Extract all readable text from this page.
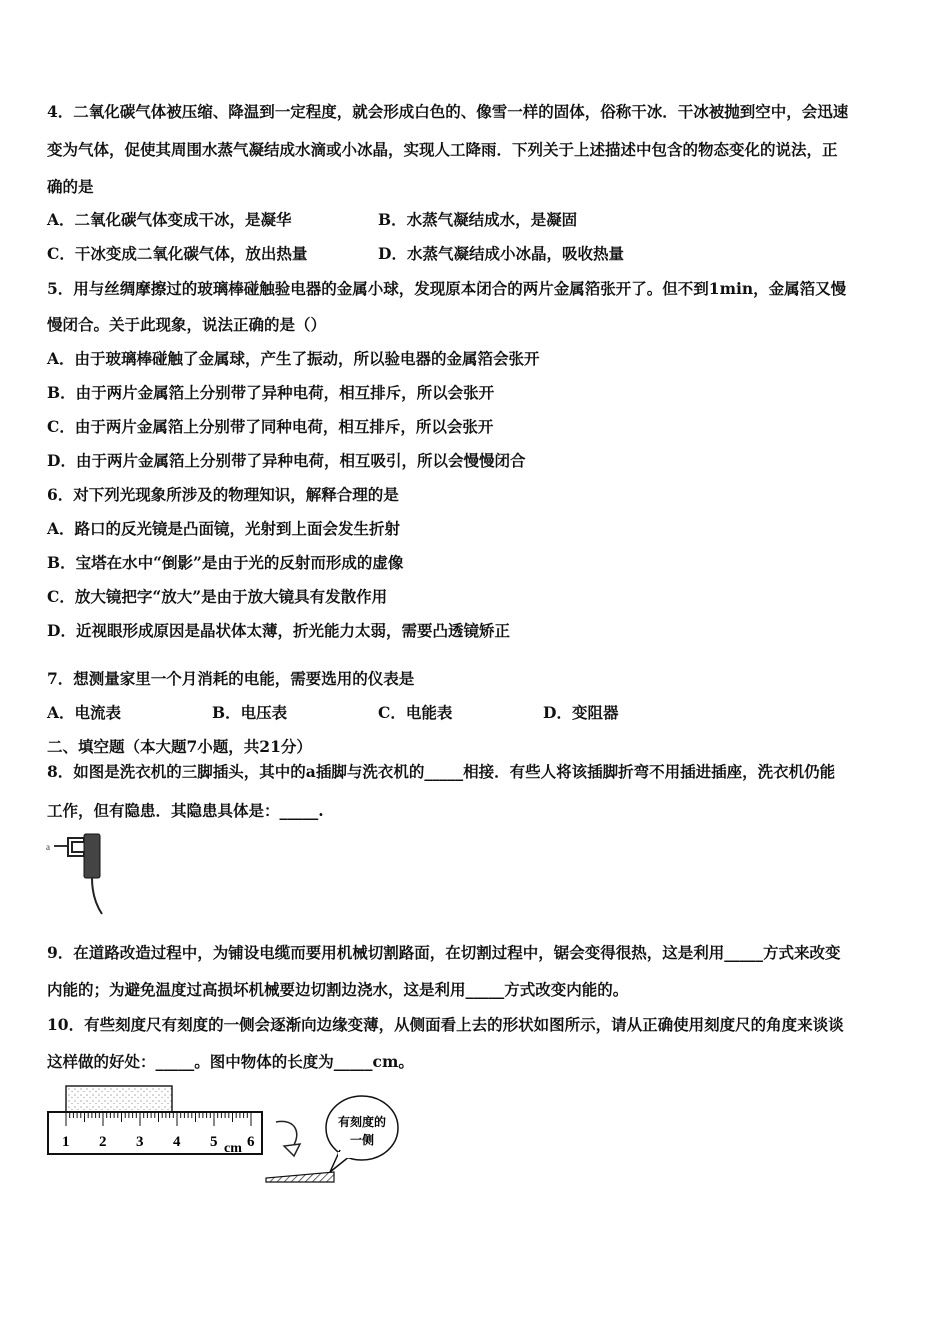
4．二氧化碳气体被压缩、降温到一定程度，就会形成白色的、像雪一样的固体，俗称干冰．干冰被抛到空中，会迅速
变为气体，促使其周围水蒸气凝结成水滴或小冰晶，实现人工降雨．下列关于上述描述中包含的物态变化的说法，正
确的是
A．二氧化碳气体变成干冰，是凝华	B．水蒸气凝结成水，是凝固
C．干冰变成二氧化碳气体，放出热量	D．水蒸气凝结成小冰晶，吸收热量
5．用与丝绸摩擦过的玻璃棒碰触验电器的金属小球，发现原本闭合的两片金属箔张开了。但不到1min，金属箔又慢
慢闭合。关于此现象，说法正确的是（）
A．由于玻璃棒碰触了金属球，产生了振动，所以验电器的金属箔会张开
B．由于两片金属箔上分别带了异种电荷，相互排斥，所以会张开
C．由于两片金属箔上分别带了同种电荷，相互排斥，所以会张开
D．由于两片金属箔上分别带了异种电荷，相互吸引，所以会慢慢闭合
6．对下列光现象所涉及的物理知识，解释合理的是
A．路口的反光镜是凸面镜，光射到上面会发生折射
B．宝塔在水中“倒影”是由于光的反射而形成的虚像
C．放大镜把字“放大”是由于放大镜具有发散作用
D．近视眼形成原因是晶状体太薄，折光能力太弱，需要凸透镜矫正
7．想测量家里一个月消耗的电能，需要选用的仪表是
A．电流表	B．电压表	C．电能表	D．变阻器
二、填空题（本大题7小题，共21分）
8．如图是洗衣机的三脚插头，其中的a插脚与洗衣机的_____相接．有些人将该插脚折弯不用插进插座，洗衣机仍能
工作，但有隐患．其隐患具体是：_____.
a
9．在道路改造过程中，为铺设电缆而要用机械切割路面，在切割过程中，锯会变得很热，这是利用_____方式来改变
内能的；为避免温度过高损坏机械要边切割边浇水，这是利用_____方式改变内能的。
10．有些刻度尺有刻度的一侧会逐渐向边缘变薄，从侧面看上去的形状如图所示，请从正确使用刻度尺的角度来谈谈
这样做的好处：_____。图中物体的长度为_____cm。
1 2 3 4 5 6
cm
有刻度的
一侧
